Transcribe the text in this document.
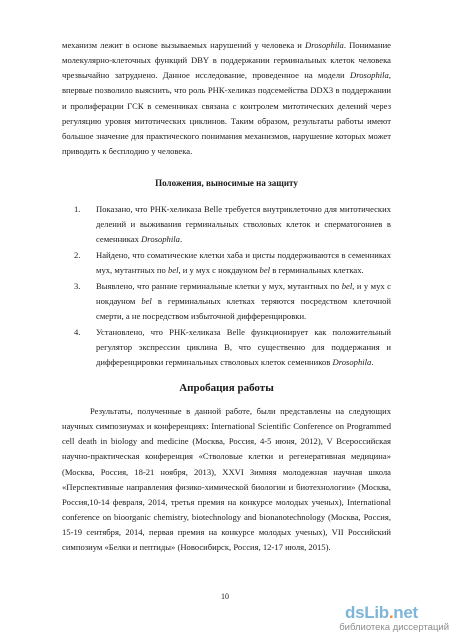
механизм лежит в основе вызываемых нарушений у человека и Drosophila. Понимание молекулярно-клеточных функций DBY в поддержании герминальных клеток человека чрезвычайно затруднено. Данное исследование, проведенное на модели Drosophila, впервые позволило выяснить, что роль РНК-хеликаз подсемейства DDX3 в поддержании и пролиферации ГСК в семенниках связана с контролем митотических делений через регуляцию уровня митотических циклинов. Таким образом, результаты работы имеют большое значение для практического понимания механизмов, нарушение которых может приводить к бесплодию у человека.
Положения, выносимые на защиту
1.	Показано, что РНК-хеликаза Belle требуется внутриклеточно для митотических делений и выживания герминальных стволовых клеток и сперматогониев в семенниках Drosophila.
2.	Найдено, что соматические клетки хаба и цисты поддерживаются в семенниках мух, мутантных по bel, и у мух с нокдауном bel в герминальных клетках.
3.	Выявлено, что ранние герминальные клетки у мух, мутантных по bel, и у мух с нокдауном bel в герминальных клетках теряются посредством клеточной смерти, а не посредством избыточной дифференцировки.
4.	Установлено, что РНК-хеликаза Belle функционирует как положительный регулятор экспрессии циклина B, что существенно для поддержания и дифференцировки герминальных стволовых клеток семенников Drosophila.
Апробация работы
Результаты, полученные в данной работе, были представлены на следующих научных симпозиумах и конференциях: International Scientific Conference on Programmed cell death in biology and medicine (Москва, Россия, 4-5 июня, 2012), V Всероссийская научно-практическая конференция «Стволовые клетки и регенеративная медицина» (Москва, Россия, 18-21 ноября, 2013), XXVI Зимняя молодежная научная школа «Перспективные направления физико-химической биологии и биотехнологии» (Москва, Россия,10-14 февраля, 2014, третья премия на конкурсе молодых ученых), International conference on bioorganic chemistry, biotechnology and bionanotechnology (Москва, Россия, 15-19 сентября, 2014, первая премия на конкурсе молодых ученых), VII Российский симпозиум «Белки и пептиды» (Новосибирск, Россия, 12-17 июля, 2015).
10
dsLib.net
библиотека диссертаций
